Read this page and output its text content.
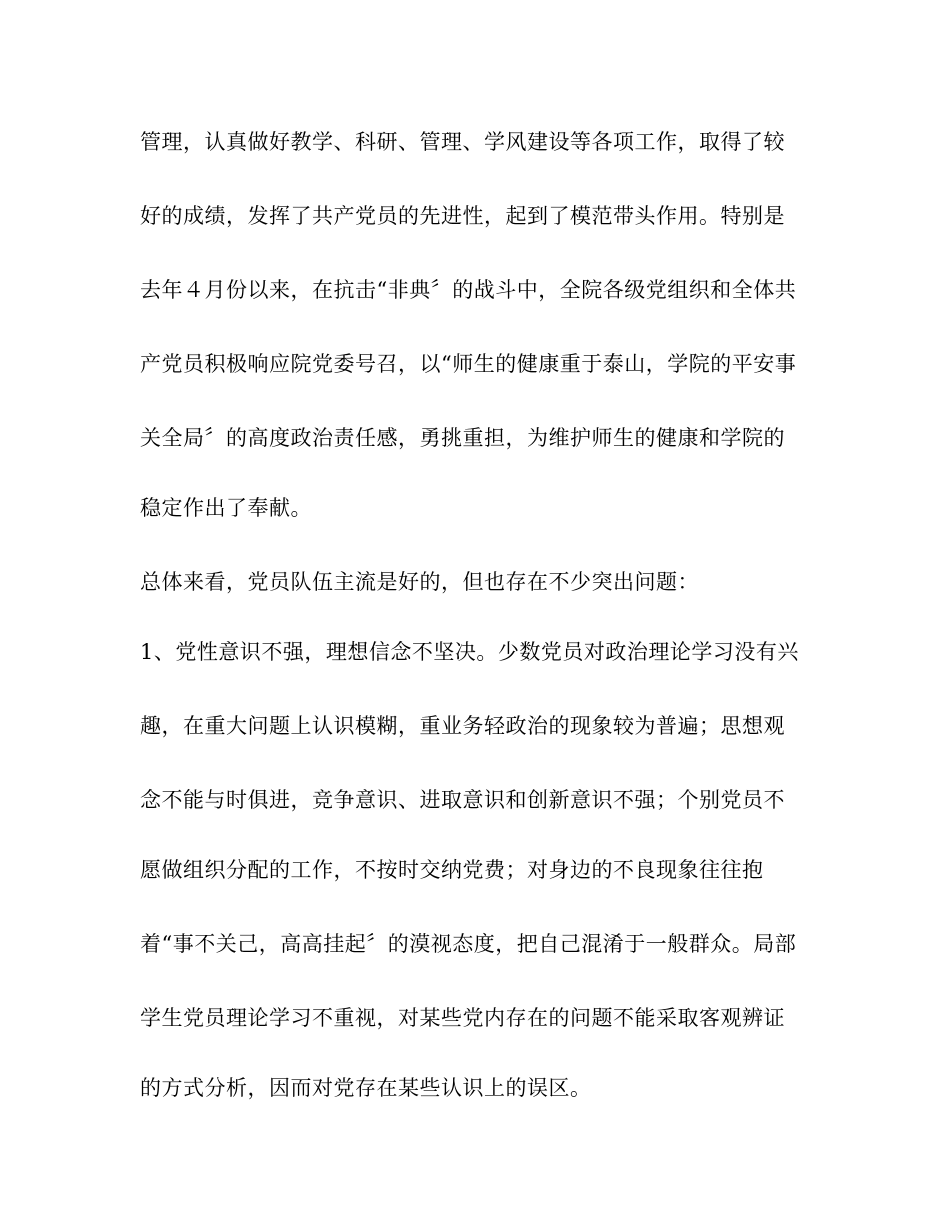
管理，认真做好教学、科研、管理、学风建设等各项工作，取得了较
好的成绩，发挥了共产党员的先进性，起到了模范带头作用。特别是
去年４月份以来，在抗击“非典〞的战斗中，全院各级党组织和全体共
产党员积极响应院党委号召，以“师生的健康重于泰山，学院的平安事
关全局〞的高度政治责任感，勇挑重担，为维护师生的健康和学院的
稳定作出了奉献。
总体来看，党员队伍主流是好的，但也存在不少突出问题：
1、党性意识不强，理想信念不坚决。少数党员对政治理论学习没有兴
趣，在重大问题上认识模糊，重业务轻政治的现象较为普遍；思想观
念不能与时俱进，竞争意识、进取意识和创新意识不强；个别党员不
愿做组织分配的工作，不按时交纳党费；对身边的不良现象往往抱
着“事不关己，高高挂起〞的漠视态度，把自己混淆于一般群众。局部
学生党员理论学习不重视，对某些党内存在的问题不能采取客观辨证
的方式分析，因而对党存在某些认识上的误区。
